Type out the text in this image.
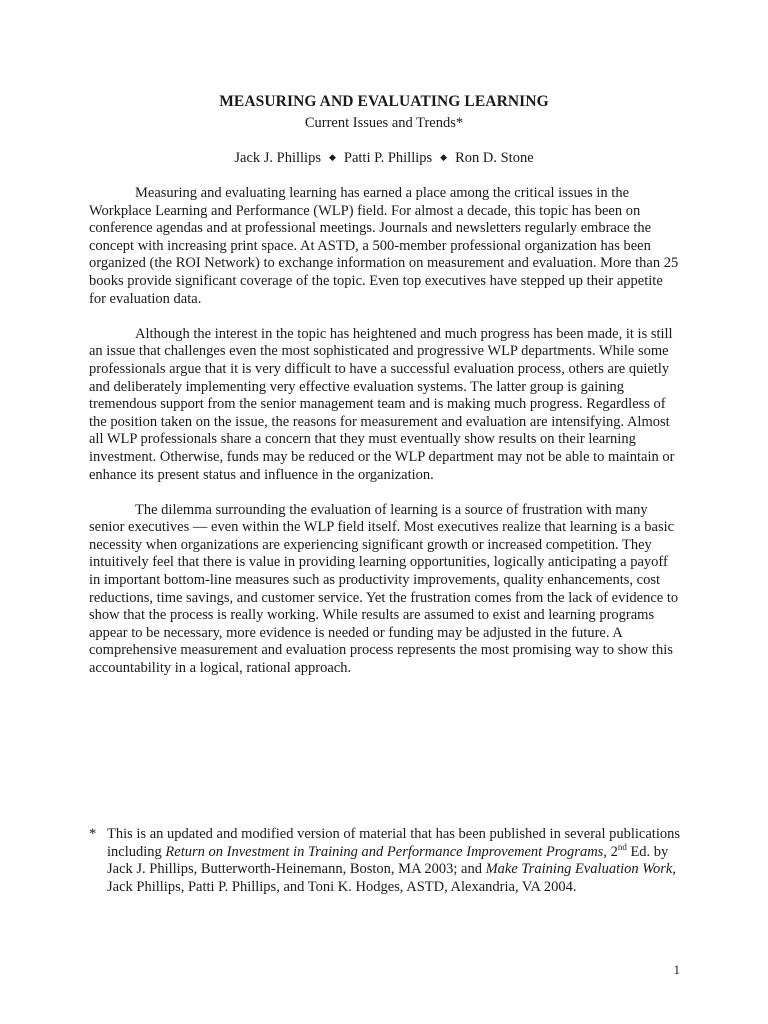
MEASURING AND EVALUATING LEARNING
Current Issues and Trends*
Jack J. Phillips ◆ Patti P. Phillips ◆ Ron D. Stone

Measuring and evaluating learning has earned a place among the critical issues in the Workplace Learning and Performance (WLP) field. For almost a decade, this topic has been on conference agendas and at professional meetings. Journals and newsletters regularly embrace the concept with increasing print space. At ASTD, a 500-member professional organization has been organized (the ROI Network) to exchange information on measurement and evaluation. More than 25 books provide significant coverage of the topic. Even top executives have stepped up their appetite for evaluation data.

Although the interest in the topic has heightened and much progress has been made, it is still an issue that challenges even the most sophisticated and progressive WLP departments. While some professionals argue that it is very difficult to have a successful evaluation process, others are quietly and deliberately implementing very effective evaluation systems. The latter group is gaining tremendous support from the senior management team and is making much progress. Regardless of the position taken on the issue, the reasons for measurement and evaluation are intensifying. Almost all WLP professionals share a concern that they must eventually show results on their learning investment. Otherwise, funds may be reduced or the WLP department may not be able to maintain or enhance its present status and influence in the organization.

The dilemma surrounding the evaluation of learning is a source of frustration with many senior executives — even within the WLP field itself. Most executives realize that learning is a basic necessity when organizations are experiencing significant growth or increased competition. They intuitively feel that there is value in providing learning opportunities, logically anticipating a payoff in important bottom-line measures such as productivity improvements, quality enhancements, cost reductions, time savings, and customer service. Yet the frustration comes from the lack of evidence to show that the process is really working. While results are assumed to exist and learning programs appear to be necessary, more evidence is needed or funding may be adjusted in the future. A comprehensive measurement and evaluation process represents the most promising way to show this accountability in a logical, rational approach.

* This is an updated and modified version of material that has been published in several publications including Return on Investment in Training and Performance Improvement Programs, 2nd Ed. by Jack J. Phillips, Butterworth-Heinemann, Boston, MA 2003; and Make Training Evaluation Work, Jack Phillips, Patti P. Phillips, and Toni K. Hodges, ASTD, Alexandria, VA 2004.
1
